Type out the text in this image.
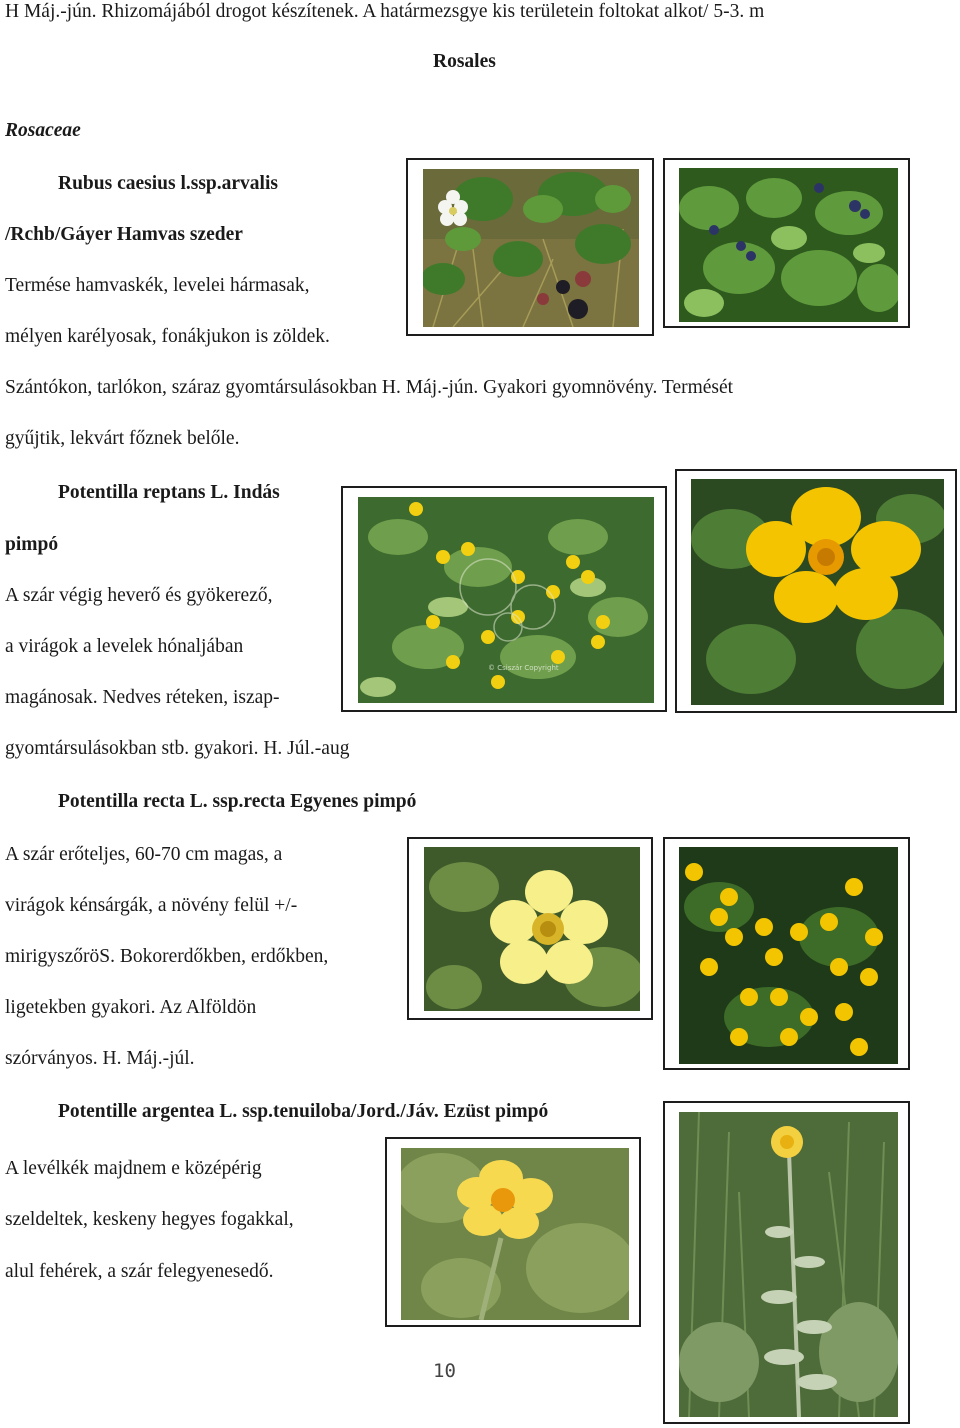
H Máj.-jún. Rhizomájából drogot készítenek. A határmezsgye kis területein foltokat alkot/ 5-3. m
Rosales
Rosaceae
Rubus caesius l.ssp.arvalis
/Rchb/Gáyer Hamvas szeder
Termése hamvaskék, levelei hármasak,
mélyen karélyosak, fonákjukon is zöldek.
Szántókon, tarlókon, száraz gyomtársulásokban H. Máj.-jún. Gyakori gyomnövény. Termését
gyűjtik, lekvárt főznek belőle.
Potentilla reptans L. Indás
pimpó
A szár végig heverő és gyökerező,
a virágok a levelek hónaljában
magánosak. Nedves réteken, iszap-
gyomtársulásokban stb. gyakori. H. Júl.-aug
Potentilla recta L. ssp.recta Egyenes pimpó
A szár erőteljes, 60-70 cm magas, a
virágok kénsárgák, a növény felül +/-
mirigyszőröS. Bokorerdőkben, erdőkben,
ligetekben gyakori. Az Alföldön
szórványos. H. Máj.-júl.
Potentille argentea L. ssp.tenuiloba/Jord./Jáv. Ezüst pimpó
A levélkék majdnem e középérig
szeldeltek, keskeny hegyes fogakkal,
alul fehérek, a szár felegyenesedő.
10
© Csiszár Copyright
